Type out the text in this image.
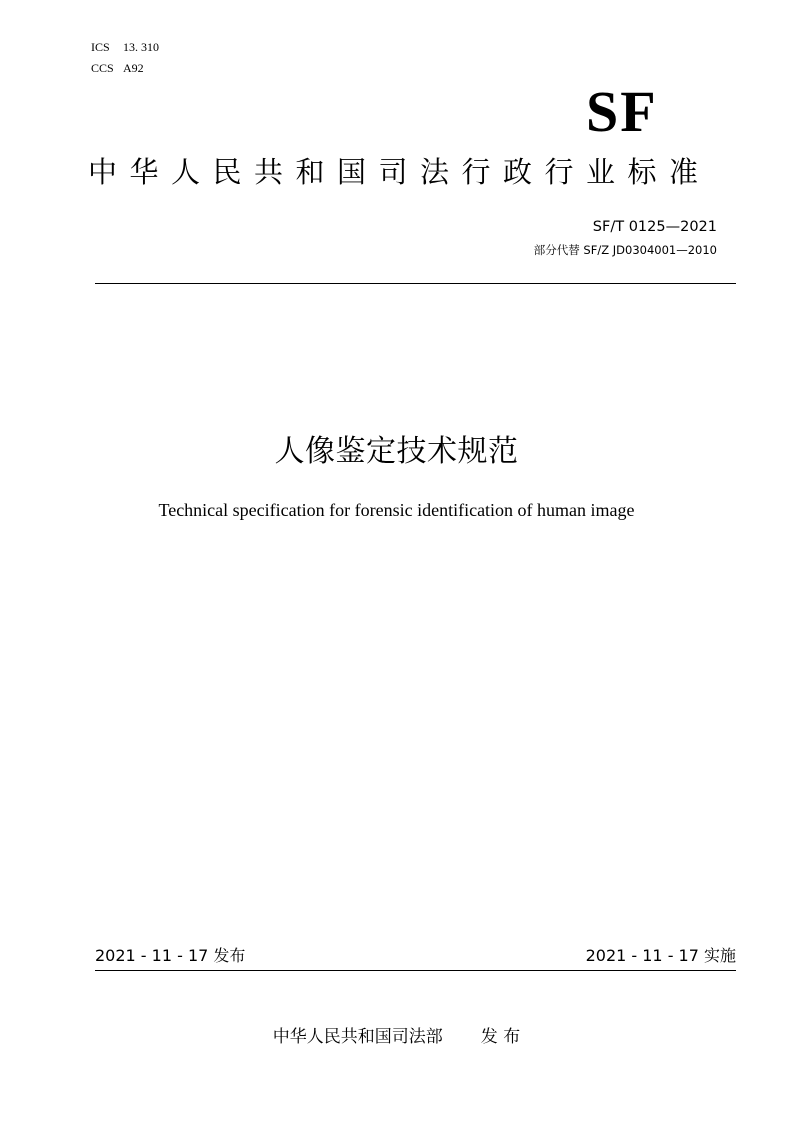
ICS 13. 310
CCS A92
SF
中华人民共和国司法行政行业标准
SF/T 0125—2021
部分代替 SF/Z JD0304001—2010
人像鉴定技术规范
Technical specification for forensic identification of human image
2021 - 11 - 17 发布	2021 - 11 - 17 实施
中华人民共和国司法部 发 布
